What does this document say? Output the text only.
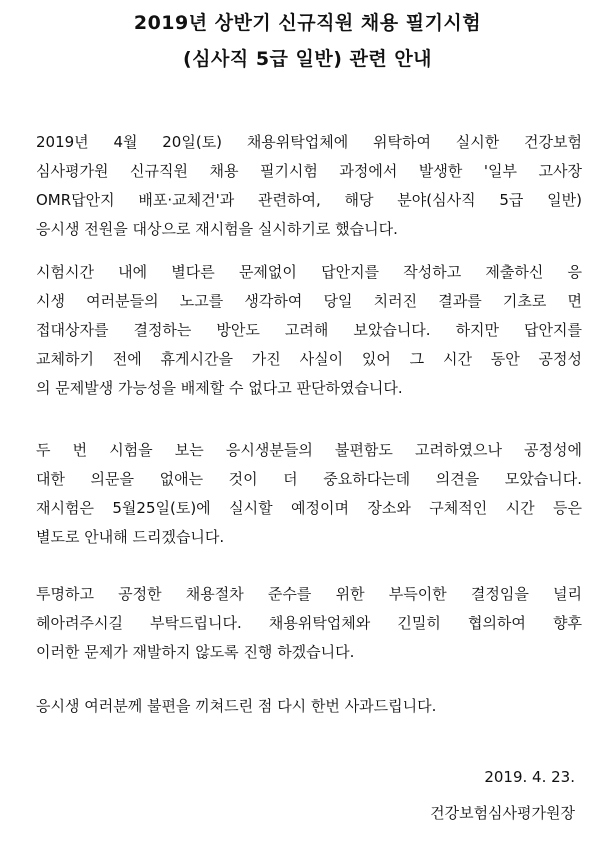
2019년 상반기 신규직원 채용 필기시험
(심사직 5급 일반) 관련 안내
2019년 4월 20일(토) 채용위탁업체에 위탁하여 실시한 건강보험
심사평가원 신규직원 채용 필기시험 과정에서 발생한 '일부 고사장
OMR답안지 배포·교체건'과 관련하여, 해당 분야(심사직 5급 일반)
응시생 전원을 대상으로 재시험을 실시하기로 했습니다.
시험시간 내에 별다른 문제없이 답안지를 작성하고 제출하신 응
시생 여러분들의 노고를 생각하여 당일 치러진 결과를 기초로 면
접대상자를 결정하는 방안도 고려해 보았습니다. 하지만 답안지를
교체하기 전에 휴게시간을 가진 사실이 있어 그 시간 동안 공정성
의 문제발생 가능성을 배제할 수 없다고 판단하였습니다.
두 번 시험을 보는 응시생분들의 불편함도 고려하였으나 공정성에
대한 의문을 없애는 것이 더 중요하다는데 의견을 모았습니다.
재시험은 5월25일(토)에 실시할 예정이며 장소와 구체적인 시간 등은
별도로 안내해 드리겠습니다.
투명하고 공정한 채용절차 준수를 위한 부득이한 결정임을 널리
헤아려주시길 부탁드립니다. 채용위탁업체와 긴밀히 협의하여 향후
이러한 문제가 재발하지 않도록 진행 하겠습니다.
응시생 여러분께 불편을 끼쳐드린 점 다시 한번 사과드립니다.
2019. 4. 23.
건강보험심사평가원장
